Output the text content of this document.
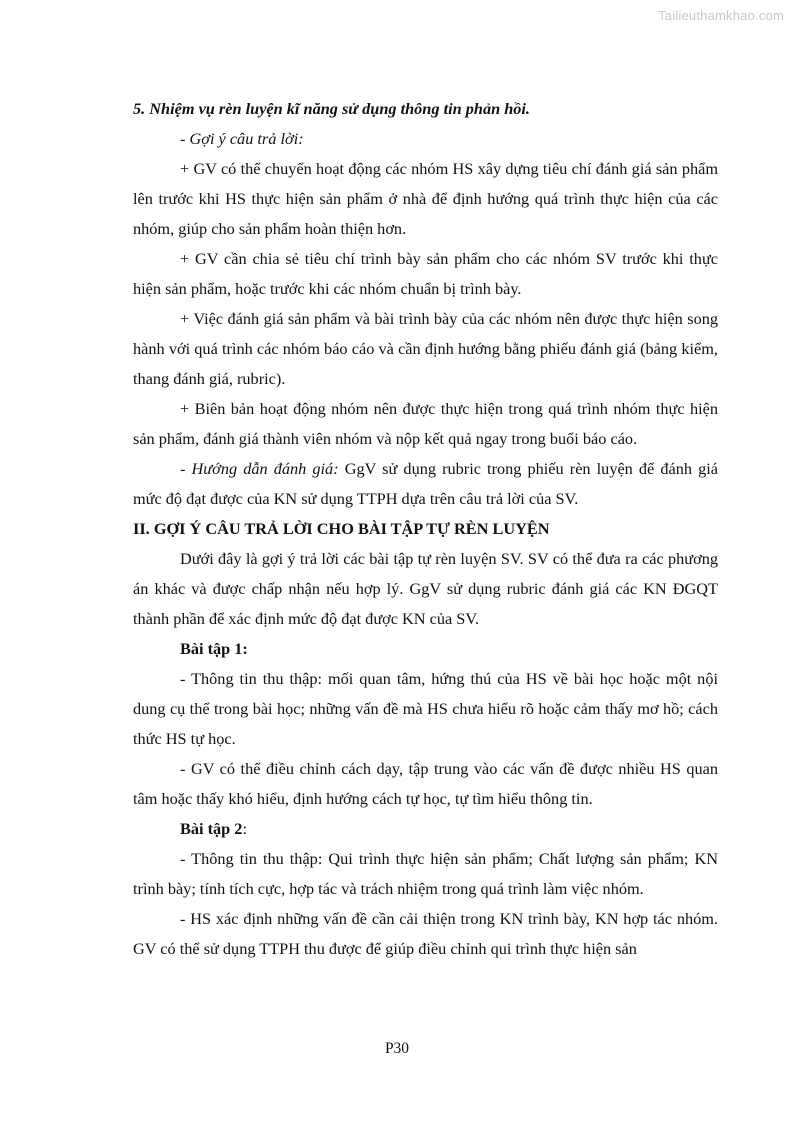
Tailieuthamkhao.com

5. Nhiệm vụ rèn luyện kĩ năng sử dụng thông tin phản hồi.

- Gợi ý câu trả lời:

+ GV có thể chuyển hoạt động các nhóm HS xây dựng tiêu chí đánh giá sản phẩm lên trước khi HS thực hiện sản phẩm ở nhà để định hướng quá trình thực hiện của các nhóm, giúp cho sản phẩm hoàn thiện hơn.

+ GV cần chia sẻ tiêu chí trình bày sản phẩm cho các nhóm SV trước khi thực hiện sản phẩm, hoặc trước khi các nhóm chuẩn bị trình bày.

+ Việc đánh giá sản phẩm và bài trình bày của các nhóm nên được thực hiện song hành với quá trình các nhóm báo cáo và cần định hướng bằng phiếu đánh giá (bảng kiểm, thang đánh giá, rubric).

+ Biên bản hoạt động nhóm nên được thực hiện trong quá trình nhóm thực hiện sản phẩm, đánh giá thành viên nhóm và nộp kết quả ngay trong buổi báo cáo.

- Hướng dẫn đánh giá: GgV sử dụng rubric trong phiếu rèn luyện để đánh giá mức độ đạt được của KN sử dụng TTPH dựa trên câu trả lời của SV.

II. GỢI Ý CÂU TRẢ LỜI CHO BÀI TẬP TỰ RÈN LUYỆN

Dưới đây là gợi ý trả lời các bài tập tự rèn luyện SV. SV có thể đưa ra các phương án khác và được chấp nhận nếu hợp lý. GgV sử dụng rubric đánh giá các KN ĐGQT thành phần để xác định mức độ đạt được KN của SV.

Bài tập 1:

- Thông tin thu thập: mối quan tâm, hứng thú của HS về bài học hoặc một nội dung cụ thể trong bài học; những vấn đề mà HS chưa hiểu rõ hoặc cảm thấy mơ hồ; cách thức HS tự học.

- GV có thể điều chỉnh cách dạy, tập trung vào các vấn đề được nhiều HS quan tâm hoặc thấy khó hiểu, định hướng cách tự học, tự tìm hiểu thông tin.

Bài tập 2:

- Thông tin thu thập: Qui trình thực hiện sản phẩm; Chất lượng sản phẩm; KN trình bày; tính tích cực, hợp tác và trách nhiệm trong quá trình làm việc nhóm.

- HS xác định những vấn đề cần cải thiện trong KN trình bày, KN hợp tác nhóm. GV có thể sử dụng TTPH thu được để giúp điều chỉnh qui trình thực hiện sản

P30
